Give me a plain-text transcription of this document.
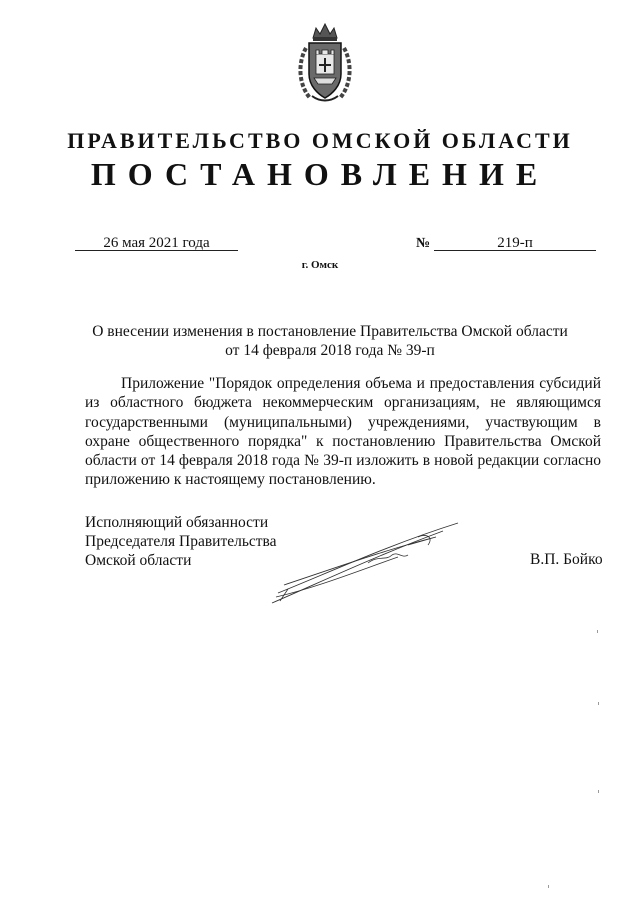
ПРАВИТЕЛЬСТВО ОМСКОЙ ОБЛАСТИ
ПОСТАНОВЛЕНИЕ
26 мая 2021 года	№	219-п
г. Омск
О внесении изменения в постановление Правительства Омской области
от 14 февраля 2018 года № 39-п
Приложение "Порядок определения объема и предоставления субсидий из областного бюджета некоммерческим организациям, не являющимся государственными (муниципальными) учреждениями, участвующим в охране общественного порядка" к постановлению Правительства Омской области от 14 февраля 2018 года № 39-п изложить в новой редакции согласно приложению к настоящему постановлению.
Исполняющий обязанности
Председателя Правительства
Омской области	В.П. Бойко
